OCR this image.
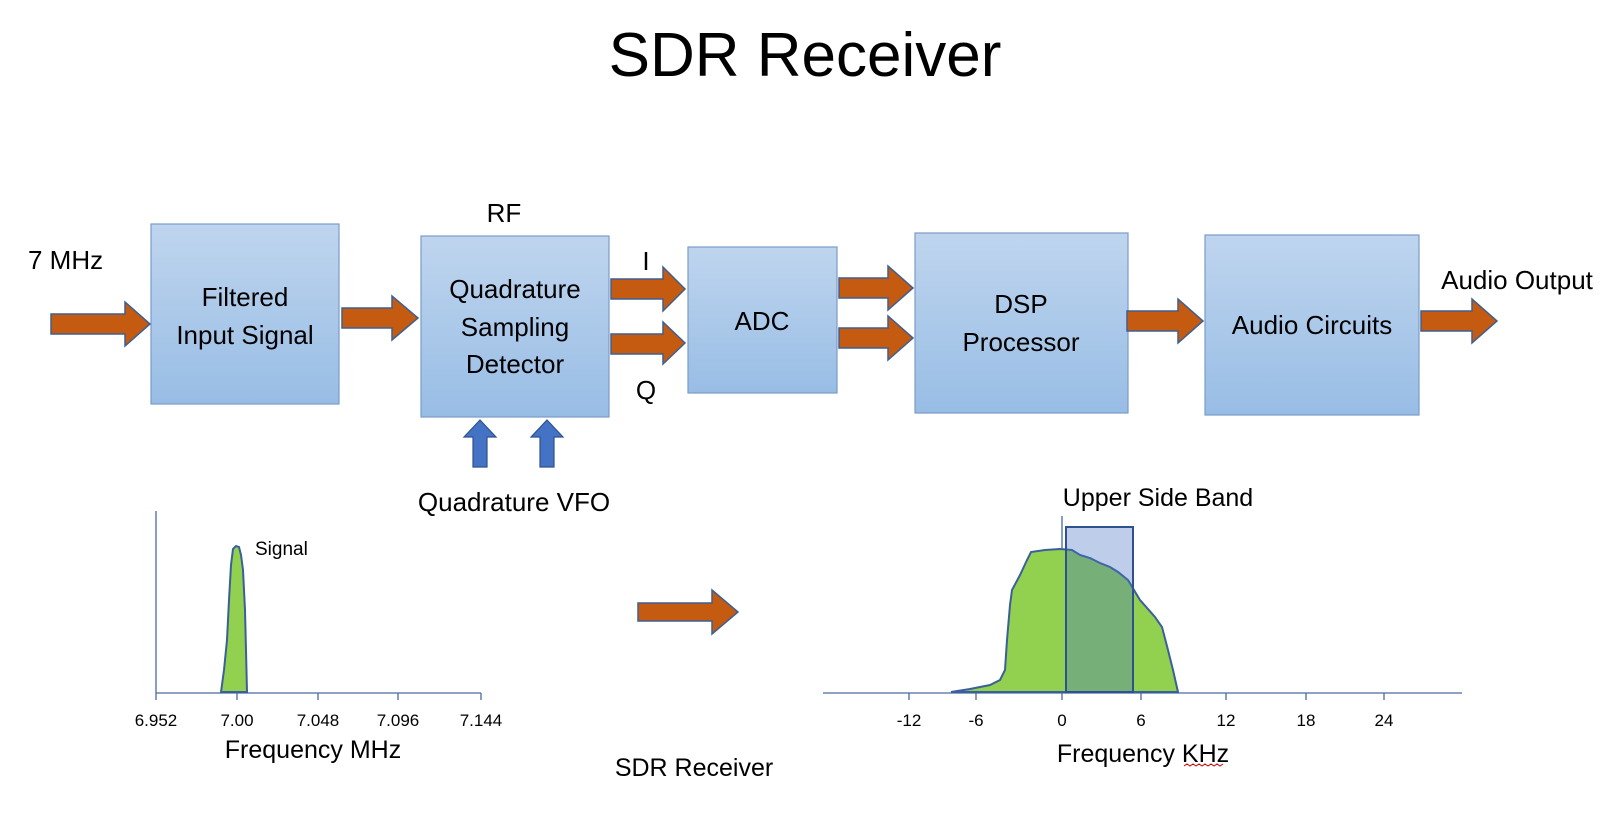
SDR Receiver
Filtered
Input Signal
Quadrature
Sampling
Detector
ADC
DSP
Processor
Audio Circuits
7 MHz
RF
I
Q
Quadrature VFO
Audio Output
SDR Receiver
Signal
6.952	7.00	7.048 7.096 7.144
Frequency MHz
Upper Side Band
-12	-6	0	6	12	18	24
Frequency KHz
